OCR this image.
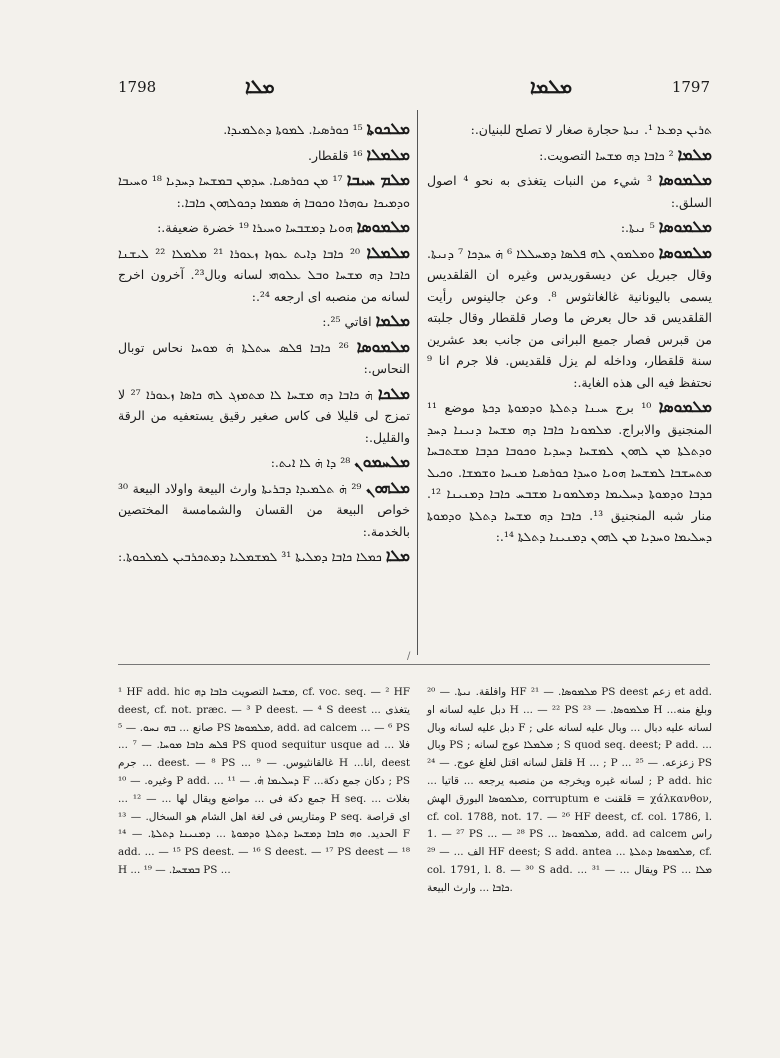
1798	ܡܠܐ	ܡܠܡܐ	1797
/

ܡܠܟܘܬܐ ¹⁵ ܟܘܪܣܝܐ. ܠܡܘܬܐ ܕܬܠܡܝܕܐ.

ܡܠܡܠܐ ¹⁶ قلقطار.

ܡܠܡ ܚܝܒܐ ¹⁷ ܡܢ ܟܘܪܣܝܐ. ܚܕܡܢ ܒܡܫܚܐ ܕܚܕܝܐ ¹⁸ ܘܚܝܒܐ ܘܕܡܝܟܐ ܢܘܗܪܐ ܘܟܘܒܐ ܗ̇ ܣܡܡܐ ܕܟܘܠܗܘܢ ܟܐܒܐ.:

ܡܠܡܘܣܐ ܗܘܝܐ ܕܡܫܒܚܐ ܘܚܝܪܐ ¹⁹ خضرة ضعيفة.:

ܡܠܡܠܐ ²⁰ ܟܐܒܐ ܕܐܝܬ ܥܘܙܐ ܙܥܘܪܐ ²¹ ܡܠܡܠܐ ²² ܠܝܫܢܐ ܟܐܒܐ ܕܗ ܡܫܚܐ ܘܒܠ ܥܠܘܗܝ لسانه وبال²³. آخرون اخرج لسانه من منصبه اى ارجعه ²⁴.:

ܡܠܡܐ اقاتي ²⁵.:

ܡܠܡܘܣܐ ²⁶ ܟܐܒܐ ܦܠܣ ܚܬܠܬܐ ܗ̇ ܡܘܚܐ نحاس توبال النحاس.:

ܡܠܟܐ ܗ̇ ܟܐܒܐ ܕܗ ܡܫܚܐ ܠܐ ܡܬܡܙܓ ܠܗ ܟܐܣܐ ܙܥܘܪܐ ²⁷ لا تمزج لى قليلا فى كاس صغير رقيق يستعفيه من الرقة والقليل.:

ܡܠܚܡܘܢ ²⁸ ܕܐ ܗ̇ ܠܐ ܐܝܬ.:

ܡܠܗܘܢ ²⁹ ܗ̇ ܬܠܡܝܕܐ ܕܒܪܝܬܐ وارث البيعة واولاد البيعة ³⁰ خواص البيعة من القسان والشمامسة المختصين بالخدمة.:

ܡܠܐ ܟܡܠܐ ܟܐܒܐ ܕܡܠܝܬܐ ³¹ ܠܡܫܡܠܝܐ ܕܡܬܟܪܒܝܢ ܠܡܠܟܘܬܐ.:

ܬܪܝܢ ܕܡܥܐ ¹. ܢܝܬܐ حجارة صغار لا تصلح للبنيان.:

ܡܠܡܐ ² ܟܐܒܐ ܕܗ ܡܫܚܐ التصويت.:

ܡܠܡܘܣܐ ³ شيء من النبات يتغذى به نحو ⁴ اصول السلق.:

ܡܠܡܘܣܐ ⁵ ܢܝܬܐ.:

ܡܠܡܘܣܐ ܘܡܠܡܘܢ ܠܗ ܦܠܣܐ ܕܡܚܠܠܐ ⁶ ܗ̇ ܚܕܟܐ ⁷ ܕܢܝܬܐ. وقال جبريل عن ديسقوريدس وغيره ان القلقديس يسمى باليونانية غالغانثوس ⁸. وعن جالينوس رأيت القلقديس قد حال بعرض ما وصار قلقطار وقال جلبته من قبرس فصار جميع البرانى من جانب بعد عشرين سنة قلقطار، وداخله لم يزل قلقديس. فلا جرم انا ⁹ نحتفظ فيه الى هذه الغاية.:

ܡܠܡܘܣܐ ¹⁰ برج ܚܝܢܐ ܕܬܠܬܐ ܘܕܡܘܬܐ ܕܟܬܐ موضع ¹¹ المنجنيق والابراج. ܡܠܡܘܢܐ ܟܐܒܐ ܕܗ ܡܫܚܐ ܕܢܝܢܐ ܕܚܕ ܘܕܬܠܬܐ ܡܢ ܠܗܘܢ ܠܡܫܚܐ ܕܚܕܝܐ ܘܟܘܒܐ ܟܕܒܐ ܡܫܬܒܚܐ ܡܬܚܫܒܐ ܠܡܫܚܐ ܗܘܝܐ ܘܚܕܐ ܟܘܪܣܝܐ ܡܢܚܐ ܘܫܡܫܐ. ܘܟܝܠ ܟܕܒܐ ܘܕܡܘܬܐ ܕܚܠܝܡܐ ܕܡܠܡܘܢܐ ܡܫܒܚ ܟܐܒܐ ܕܡܢܝܢܐ ¹². منار شبه المنجنيق ¹³. ܟܐܒܐ ܕܗ ܡܫܚܐ ܕܬܠܬܐ ܘܕܡܘܬܐ ܕܚܠܝܡܐ ܘܚܕܝܐ ܡܢ ܠܗܘܢ ܕܡܢܝܢܐ ܕܬܠܬܐ ¹⁴.:

¹ HF add. hic ܡܫܚܐ التصويت ܟܐܒܐ ܕܗ, cf. voc. seq. — ² HF deest, cf. not. præc. — ³ P deest. — ⁴ S deest يتغذى ... صانع ... ܒܗ ܢܚܘ. — ⁵ PS ܡܠܡܘܣܐ, add. ad calcem ... — ⁶ PS ... ܦܠܣ ܟܐܒܐ ܡܘܚܐ. — ⁷ PS quod sequitur usque ad ... فلا جرم ... deest. — ⁸ PS ... غالقانثيوس. — ⁹ H ...انا, deest وغيره. — ¹⁰ P add. ... ܕܚܠܝܡܐ ܗ̇. — ¹¹ F ...دكان جمع دكة ; PS ... جمع دكة فى ... مواضع ويقال لها ... — ¹² H seq. ... بغلات ومتاريس فى لغة اهل الشام هو السخال. — ¹³ P seq. اى قراصة الحديد. ܘܗ ܟܐܒܐ ܕܡܫܚܐ ܕܬܠܬܐ ܘܕܡܘܬܐ ... ܕܡܢܝܢܐ ܕܬܠܬܐ. — ¹⁴ F add. ... — ¹⁵ PS deest. — ¹⁶ S deest. — ¹⁷ PS deest — ¹⁸ H ... ܒܡܫܚܐ. — ¹⁹ PS ...

وافلقة. ܢܝܬܐ. — ²⁰ HF ܡܠܡܘܣܐ. — ²¹ PS deest زعم et add. دبل عليه لسانه او H ... — ²² PS ܡܠܡܘܣܐ. — ²³ H ...وبلغ منه دبل عليه لسانه وبال F ; لسانه عليه دبال ... وبال عليه لسانه على وبال PS ; ܡܠܡܠܐ عوج لسانه ; S quod seq. deest; P add. ... قلقل لسانه اقتل لغلغ عوج. — ²⁴ H ... ; P ... زعزعه. — ²⁵ PS ... لسانه غيره ويخرجه من منصبه يرجعه ... قاتيا ; P add. hic ܡܠܡܘܣܐ البورق الهش, corruptum e قلقنت = χάλκανθον, cf. col. 1788, not. 17. — ²⁶ HF deest, cf. col. 1786, l. 1. — ²⁷ PS ... — ²⁸ PS ... ܡܠܡܘܣܐ, add. ad calcem راس الف ... — ²⁹ HF deest; S add. antea ... ܡܠܡܘܣܐ ܕܬܠܬܐ, cf. col. 1791, l. 8. — ³⁰ S add. ... ويقال ... — ³¹ PS ... ܡܠܐ ܟܐܒܐ ... وارث البيعة.
